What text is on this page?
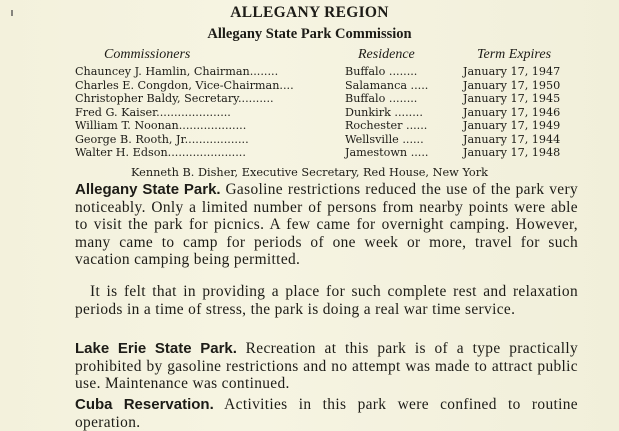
ALLEGANY REGION
Allegany State Park Commission
Commissioners	Residence	Term Expires
Chauncey J. Hamlin, Chairman........	Buffalo ........	January 17, 1947
Charles E. Congdon, Vice-Chairman....	Salamanca .....	January 17, 1950
Christopher Baldy, Secretary..........	Buffalo ........	January 17, 1945
Fred G. Kaiser.....................	Dunkirk ........	January 17, 1946
William T. Noonan...................	Rochester ......	January 17, 1949
George B. Rooth, Jr..................	Wellsville ......	January 17, 1944
Walter H. Edson......................	Jamestown .....	January 17, 1948
Kenneth B. Disher, Executive Secretary, Red House, New York
Allegany State Park. Gasoline restrictions reduced the use of the park very noticeably. Only a limited number of persons from nearby points were able to visit the park for picnics. A few came for overnight camping. However, many came to camp for periods of one week or more, travel for such vacation camping being permitted.
It is felt that in providing a place for such complete rest and relaxation periods in a time of stress, the park is doing a real war time service.
Lake Erie State Park. Recreation at this park is of a type practically prohibited by gasoline restrictions and no attempt was made to attract public use. Maintenance was continued.
Cuba Reservation. Activities in this park were confined to routine operation.
